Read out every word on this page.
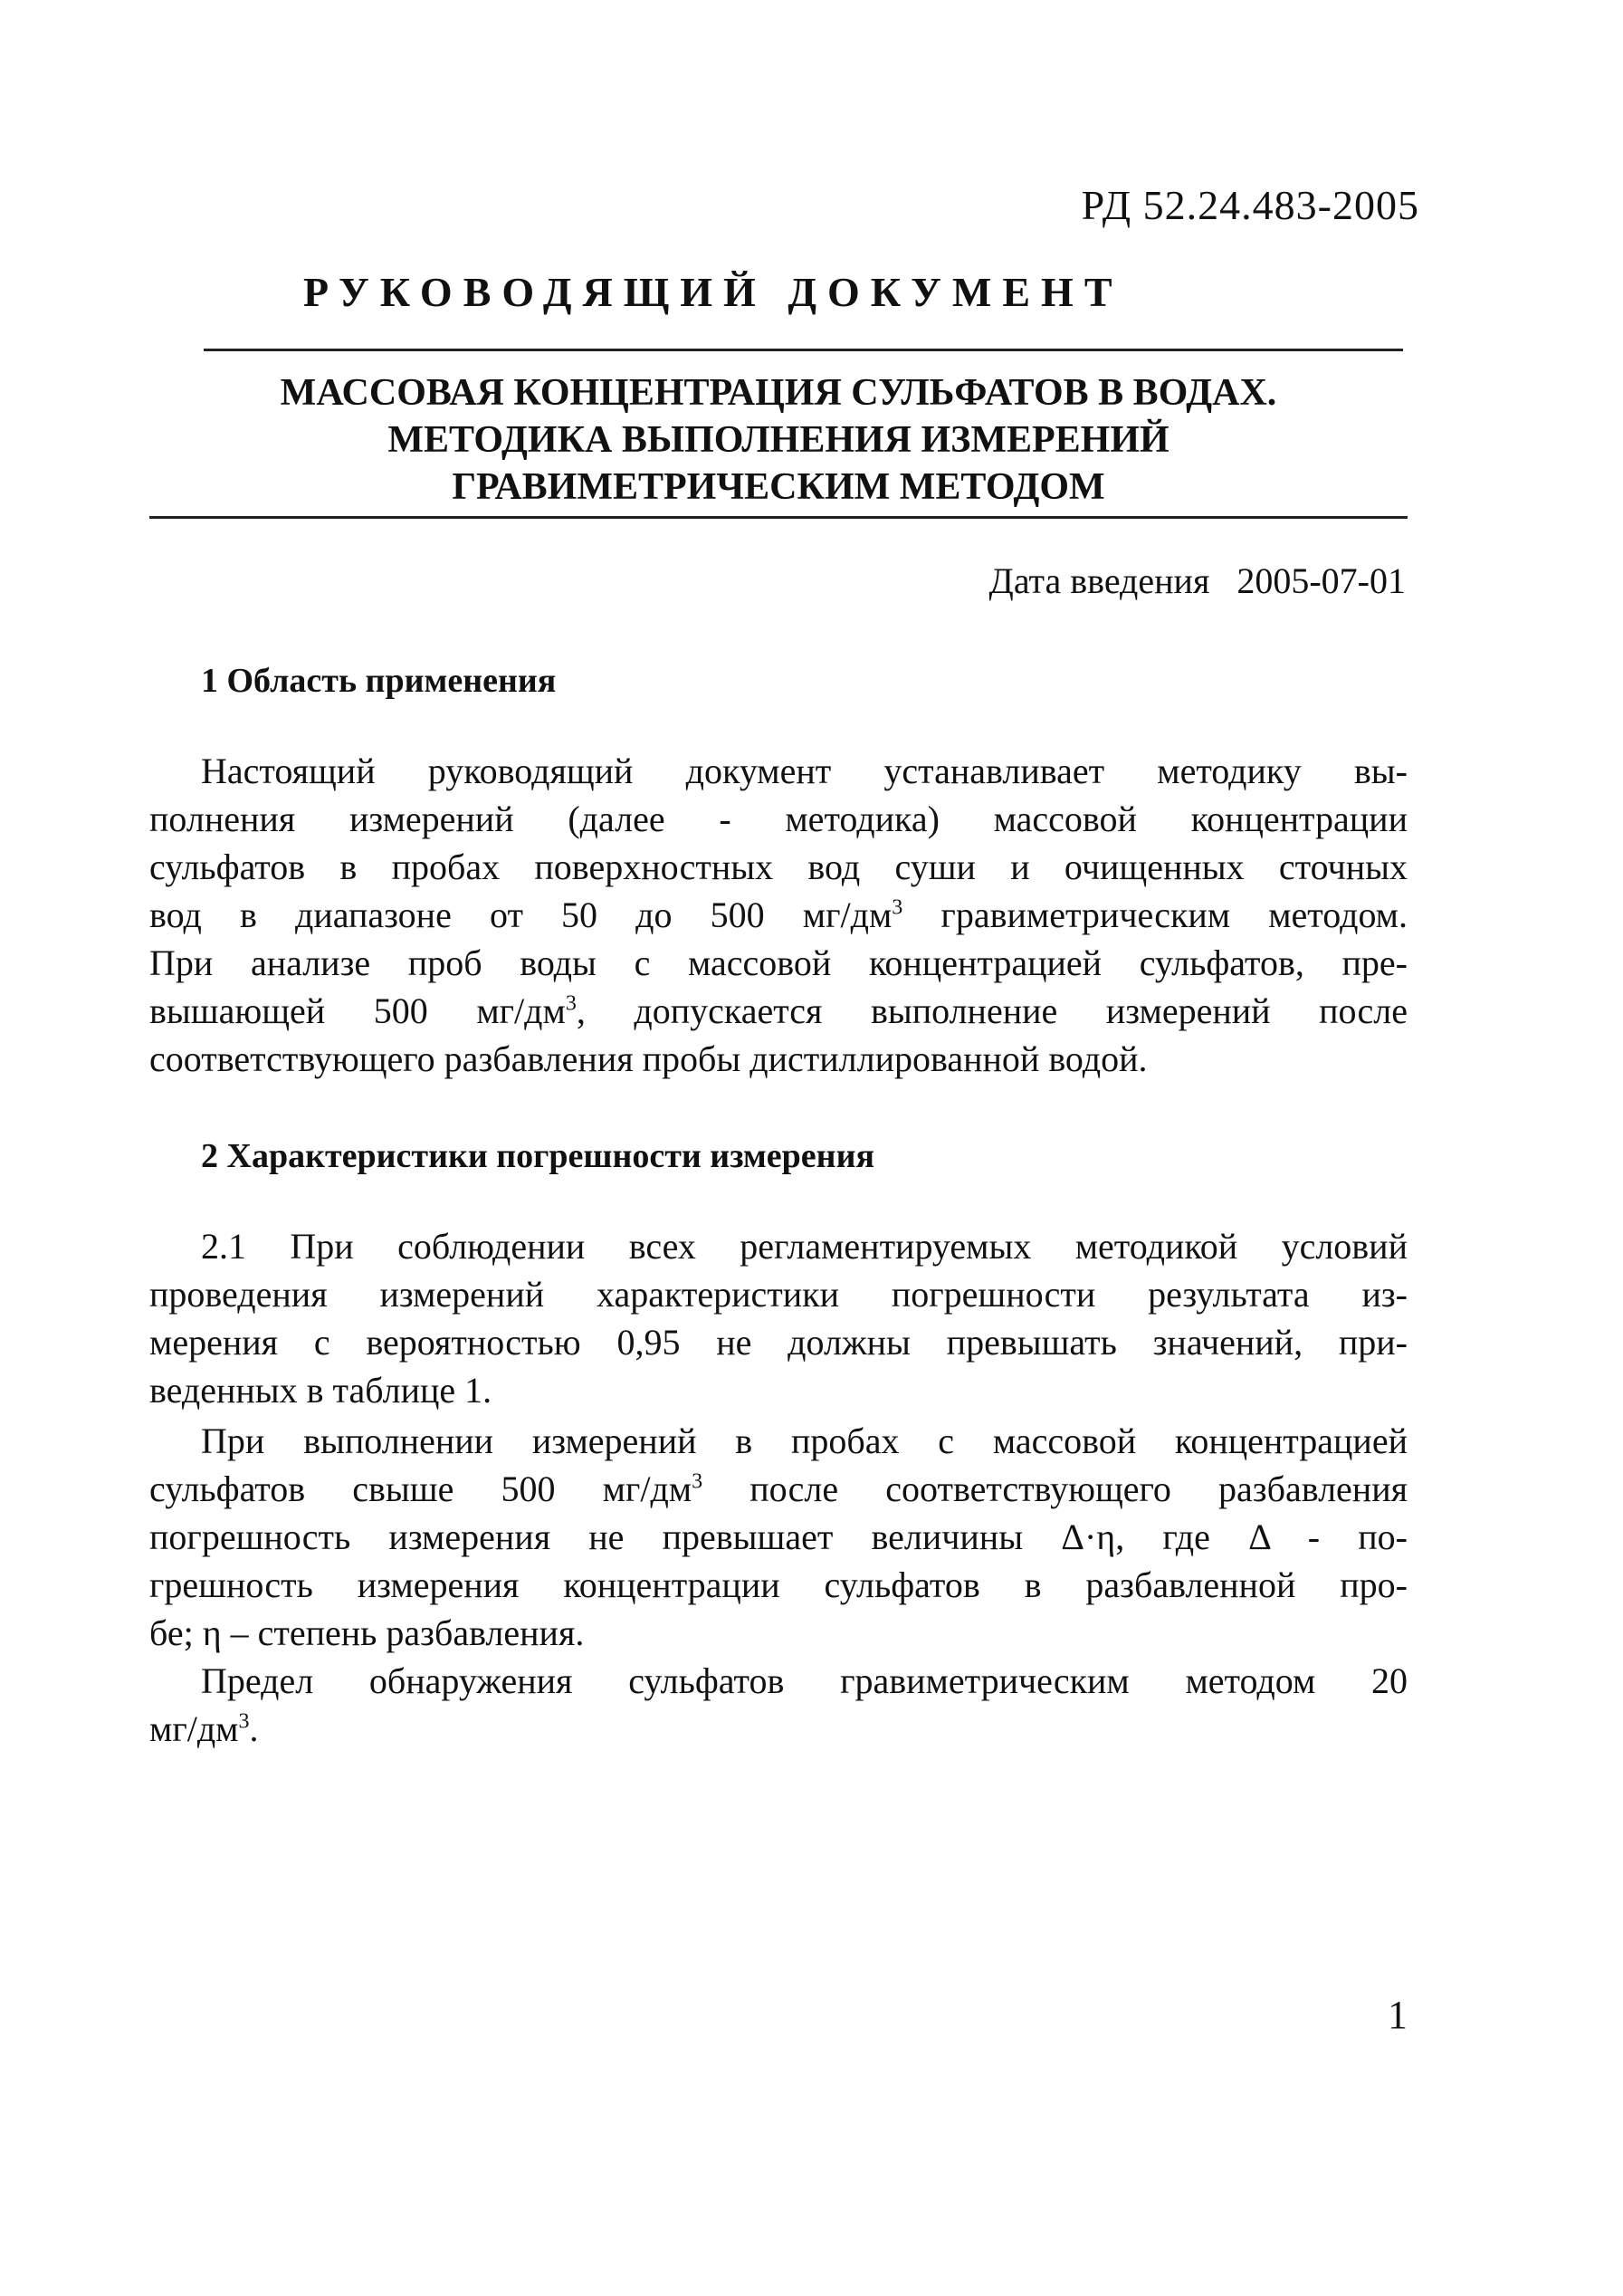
РД 52.24.483-2005
РУКОВОДЯЩИЙ ДОКУМЕНТ
МАССОВАЯ КОНЦЕНТРАЦИЯ СУЛЬФАТОВ В ВОДАХ.
МЕТОДИКА ВЫПОЛНЕНИЯ ИЗМЕРЕНИЙ
ГРАВИМЕТРИЧЕСКИМ МЕТОДОМ
Дата введения 2005-07-01
1 Область применения
Настоящий руководящий документ устанавливает методику вы-
полнения измерений (далее - методика) массовой концентрации
сульфатов в пробах поверхностных вод суши и очищенных сточных
вод в диапазоне от 50 до 500 $мг/дм^3$ гравиметрическим методом.
При анализе проб воды с массовой концентрацией сульфатов, пре-
вышающей 500 $мг/дм^3$, допускается выполнение измерений после
соответствующего разбавления пробы дистиллированной водой.
2 Характеристики погрешности измерения
2.1 При соблюдении всех регламентируемых методикой условий
проведения измерений характеристики погрешности результата из-
мерения с вероятностью 0,95 не должны превышать значений, при-
веденных в таблице 1.
При выполнении измерений в пробах с массовой концентрацией
сульфатов свыше 500 $мг/дм^3$ после соответствующего разбавления
погрешность измерения не превышает величины Δ·η, где Δ - по-
грешность измерения концентрации сульфатов в разбавленной про-
бе; η – степень разбавления.
Предел обнаружения сульфатов гравиметрическим методом 20
$мг/дм^3$.
1
